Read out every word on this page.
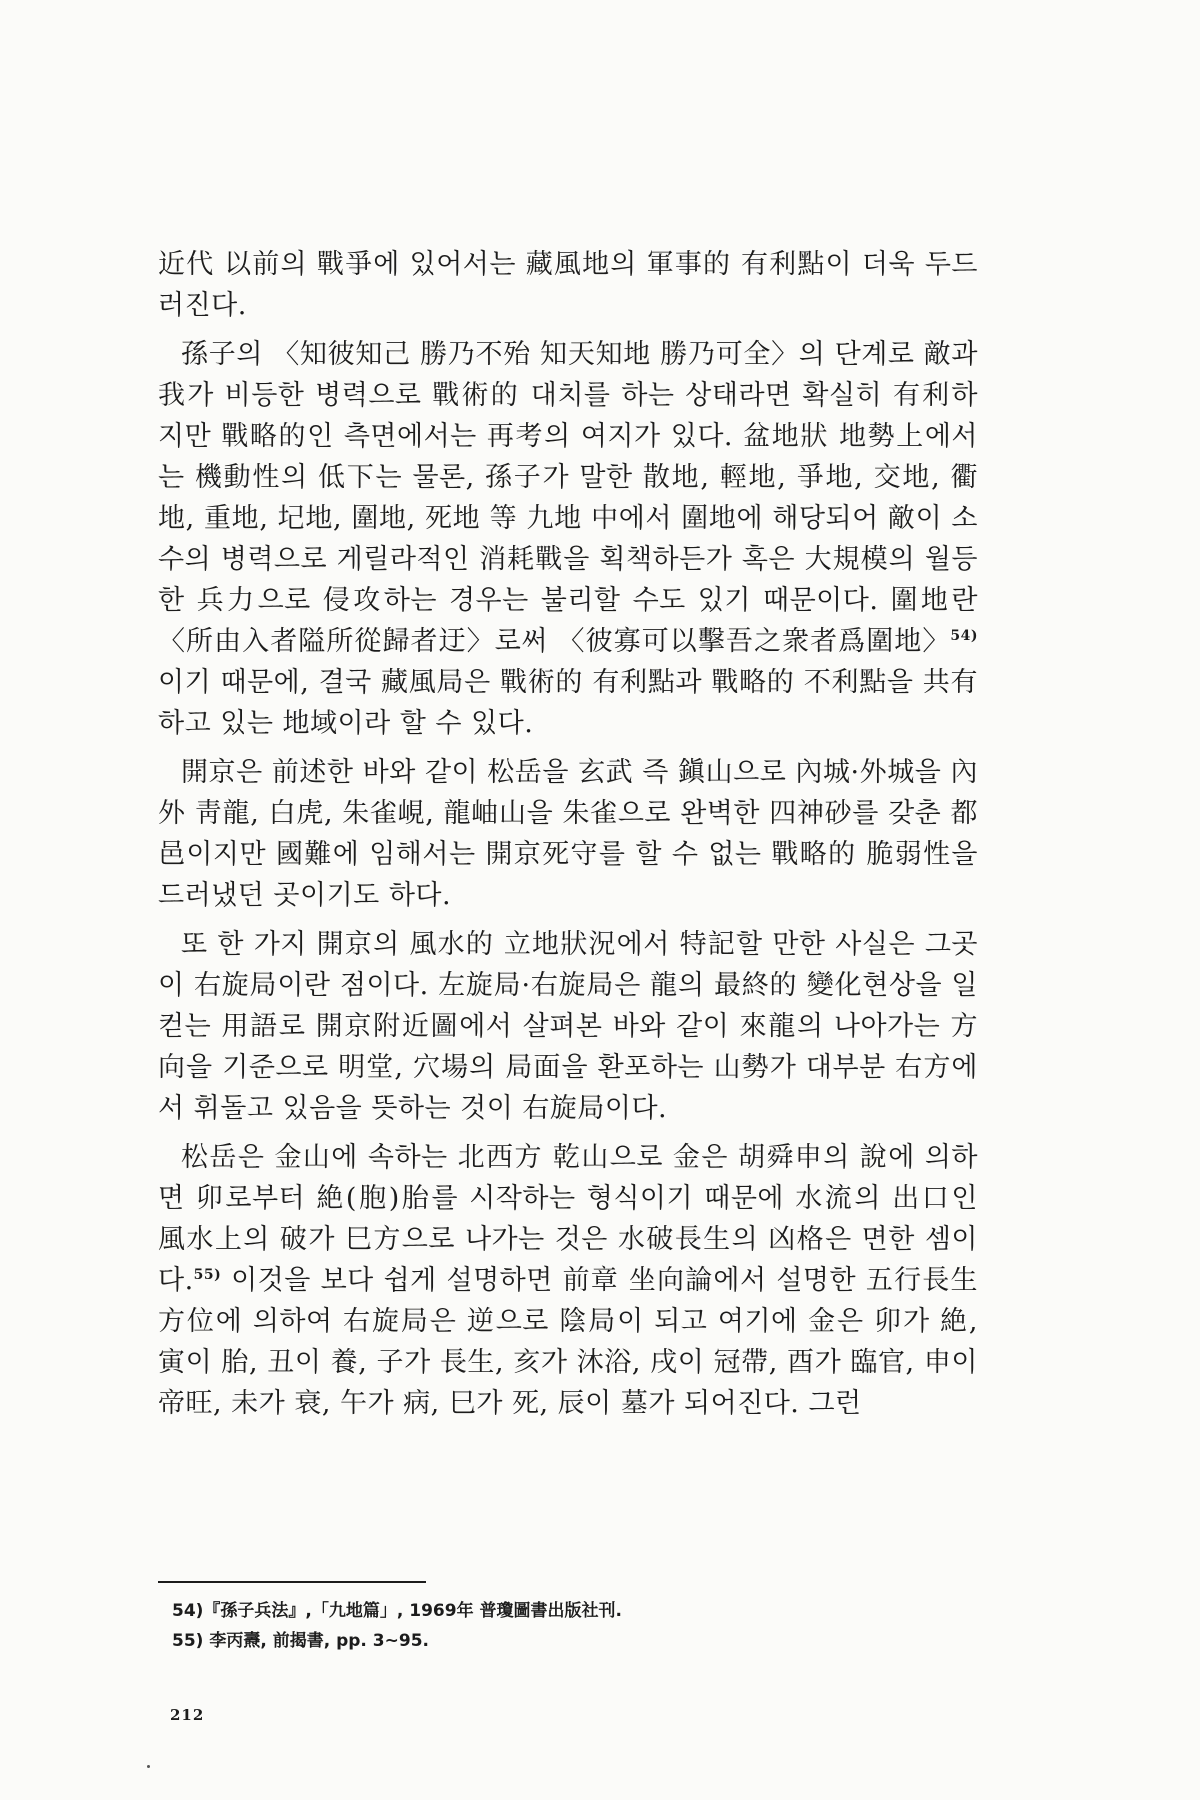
近代 以前의 戰爭에 있어서는 藏風地의 軍事的 有利點이 더욱 두드러진다.

孫子의 〈知彼知己 勝乃不殆 知天知地 勝乃可全〉의 단계로 敵과 我가 비등한 병력으로 戰術的 대치를 하는 상태라면 확실히 有利하지만 戰略的인 측면에서는 再考의 여지가 있다. 盆地狀 地勢上에서는 機動性의 低下는 물론, 孫子가 말한 散地, 輕地, 爭地, 交地, 衢地, 重地, 圮地, 圍地, 死地 等 九地 中에서 圍地에 해당되어 敵이 소수의 병력으로 게릴라적인 消耗戰을 획책하든가 혹은 大規模의 월등한 兵力으로 侵攻하는 경우는 불리할 수도 있기 때문이다. 圍地란 〈所由入者隘所從歸者迂〉로써 〈彼寡可以擊吾之衆者爲圍地〉$^{54)}$이기 때문에, 결국 藏風局은 戰術的 有利點과 戰略的 不利點을 共有하고 있는 地域이라 할 수 있다.

開京은 前述한 바와 같이 松岳을 玄武 즉 鎭山으로 內城·外城을 內外 靑龍, 白虎, 朱雀峴, 龍岫山을 朱雀으로 완벽한 四神砂를 갖춘 都邑이지만 國難에 임해서는 開京死守를 할 수 없는 戰略的 脆弱性을 드러냈던 곳이기도 하다.

또 한 가지 開京의 風水的 立地狀況에서 特記할 만한 사실은 그곳이 右旋局이란 점이다. 左旋局·右旋局은 龍의 最終的 變化현상을 일컫는 用語로 開京附近圖에서 살펴본 바와 같이 來龍의 나아가는 方向을 기준으로 明堂, 穴場의 局面을 환포하는 山勢가 대부분 右方에서 휘돌고 있음을 뜻하는 것이 右旋局이다.

松岳은 金山에 속하는 北西方 乾山으로 金은 胡舜申의 說에 의하면 卯로부터 絶(胞)胎를 시작하는 형식이기 때문에 水流의 出口인 風水上의 破가 巳方으로 나가는 것은 水破長生의 凶格은 면한 셈이다.$^{55)}$ 이것을 보다 쉽게 설명하면 前章 坐向論에서 설명한 五行長生方位에 의하여 右旋局은 逆으로 陰局이 되고 여기에 金은 卯가 絶, 寅이 胎, 丑이 養, 子가 長生, 亥가 沐浴, 戌이 冠帶, 酉가 臨官, 申이 帝旺, 未가 衰, 午가 病, 巳가 死, 辰이 墓가 되어진다. 그런

54)『孫子兵法』,「九地篇」, 1969年 普瓊圖書出版社刊.

55) 李丙燾, 前揭書, pp. 3~95.

212
